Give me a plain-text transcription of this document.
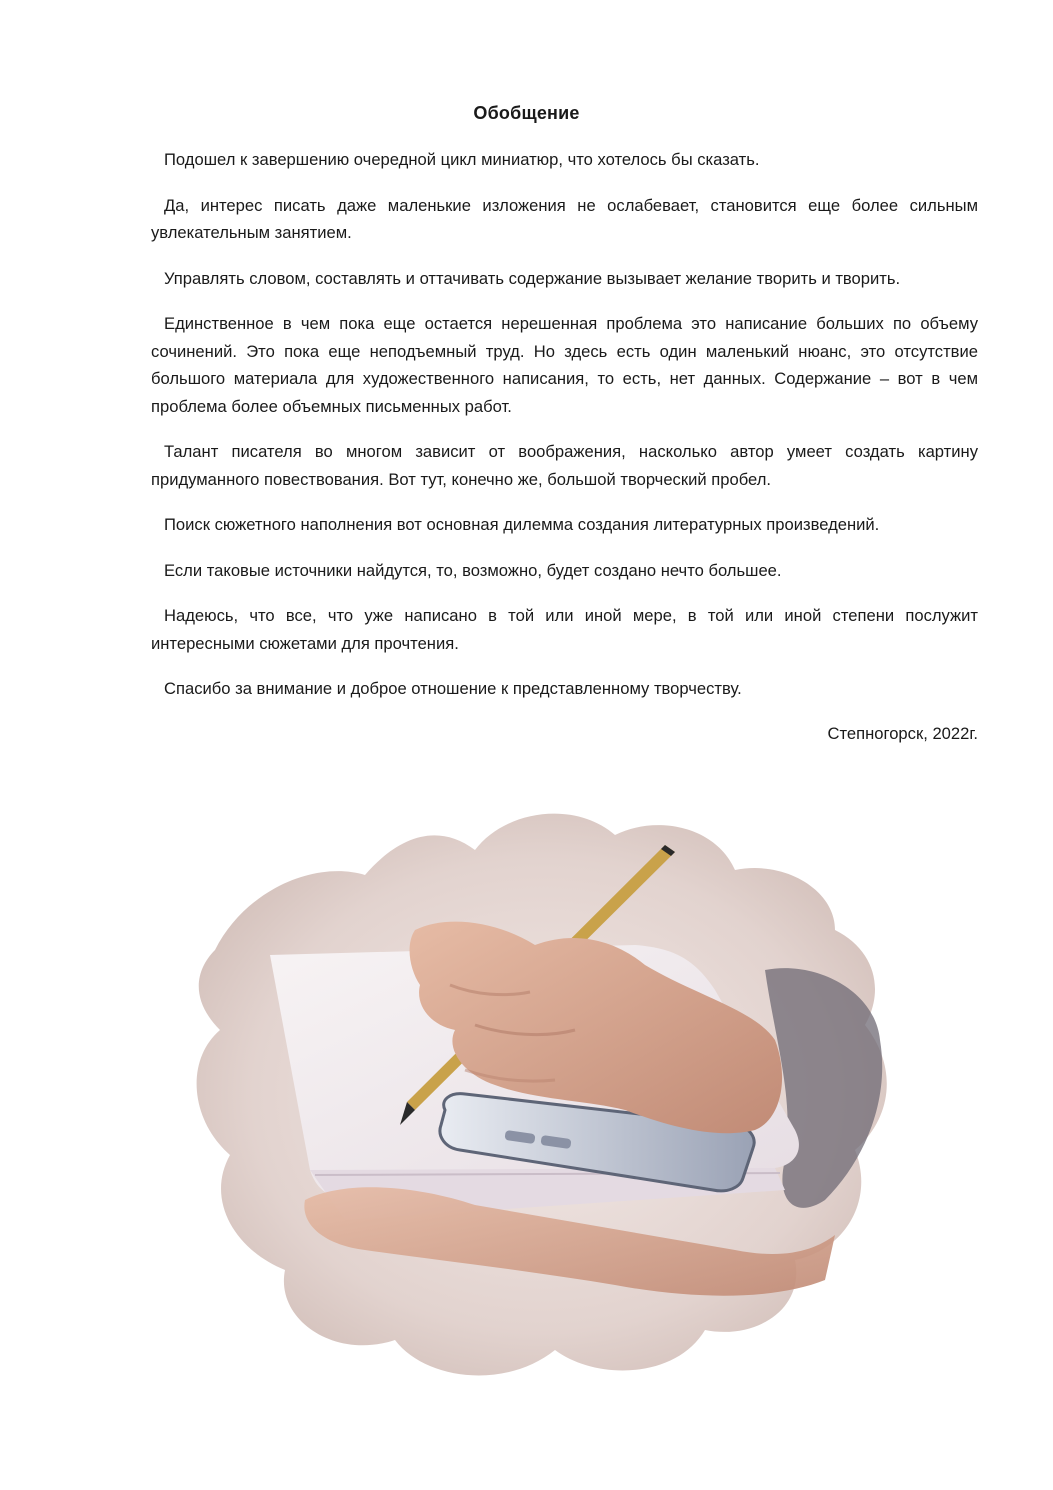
Обобщение

Подошел к завершению очередной цикл миниатюр, что хотелось бы сказать.

Да, интерес писать даже маленькие изложения не ослабевает, становится еще более сильным увлекательным занятием.

Управлять словом, составлять и оттачивать содержание вызывает желание творить и творить.

Единственное в чем пока еще остается нерешенная проблема это написание больших по объему сочинений. Это пока еще неподъемный труд. Но здесь есть один маленький нюанс, это отсутствие большого материала для художественного написания, то есть, нет данных. Содержание – вот в чем проблема более объемных письменных работ.

Талант писателя во многом зависит от воображения, насколько автор умеет создать картину придуманного повествования. Вот тут, конечно же, большой творческий пробел.

Поиск сюжетного наполнения вот основная дилемма создания литературных произведений.

Если таковые источники найдутся, то, возможно, будет создано нечто большее.

Надеюсь, что все, что уже написано в той или иной мере, в той или иной степени послужит интересными сюжетами для прочтения.

Спасибо за внимание и доброе отношение к представленному творчеству.

Степногорск, 2022г.
